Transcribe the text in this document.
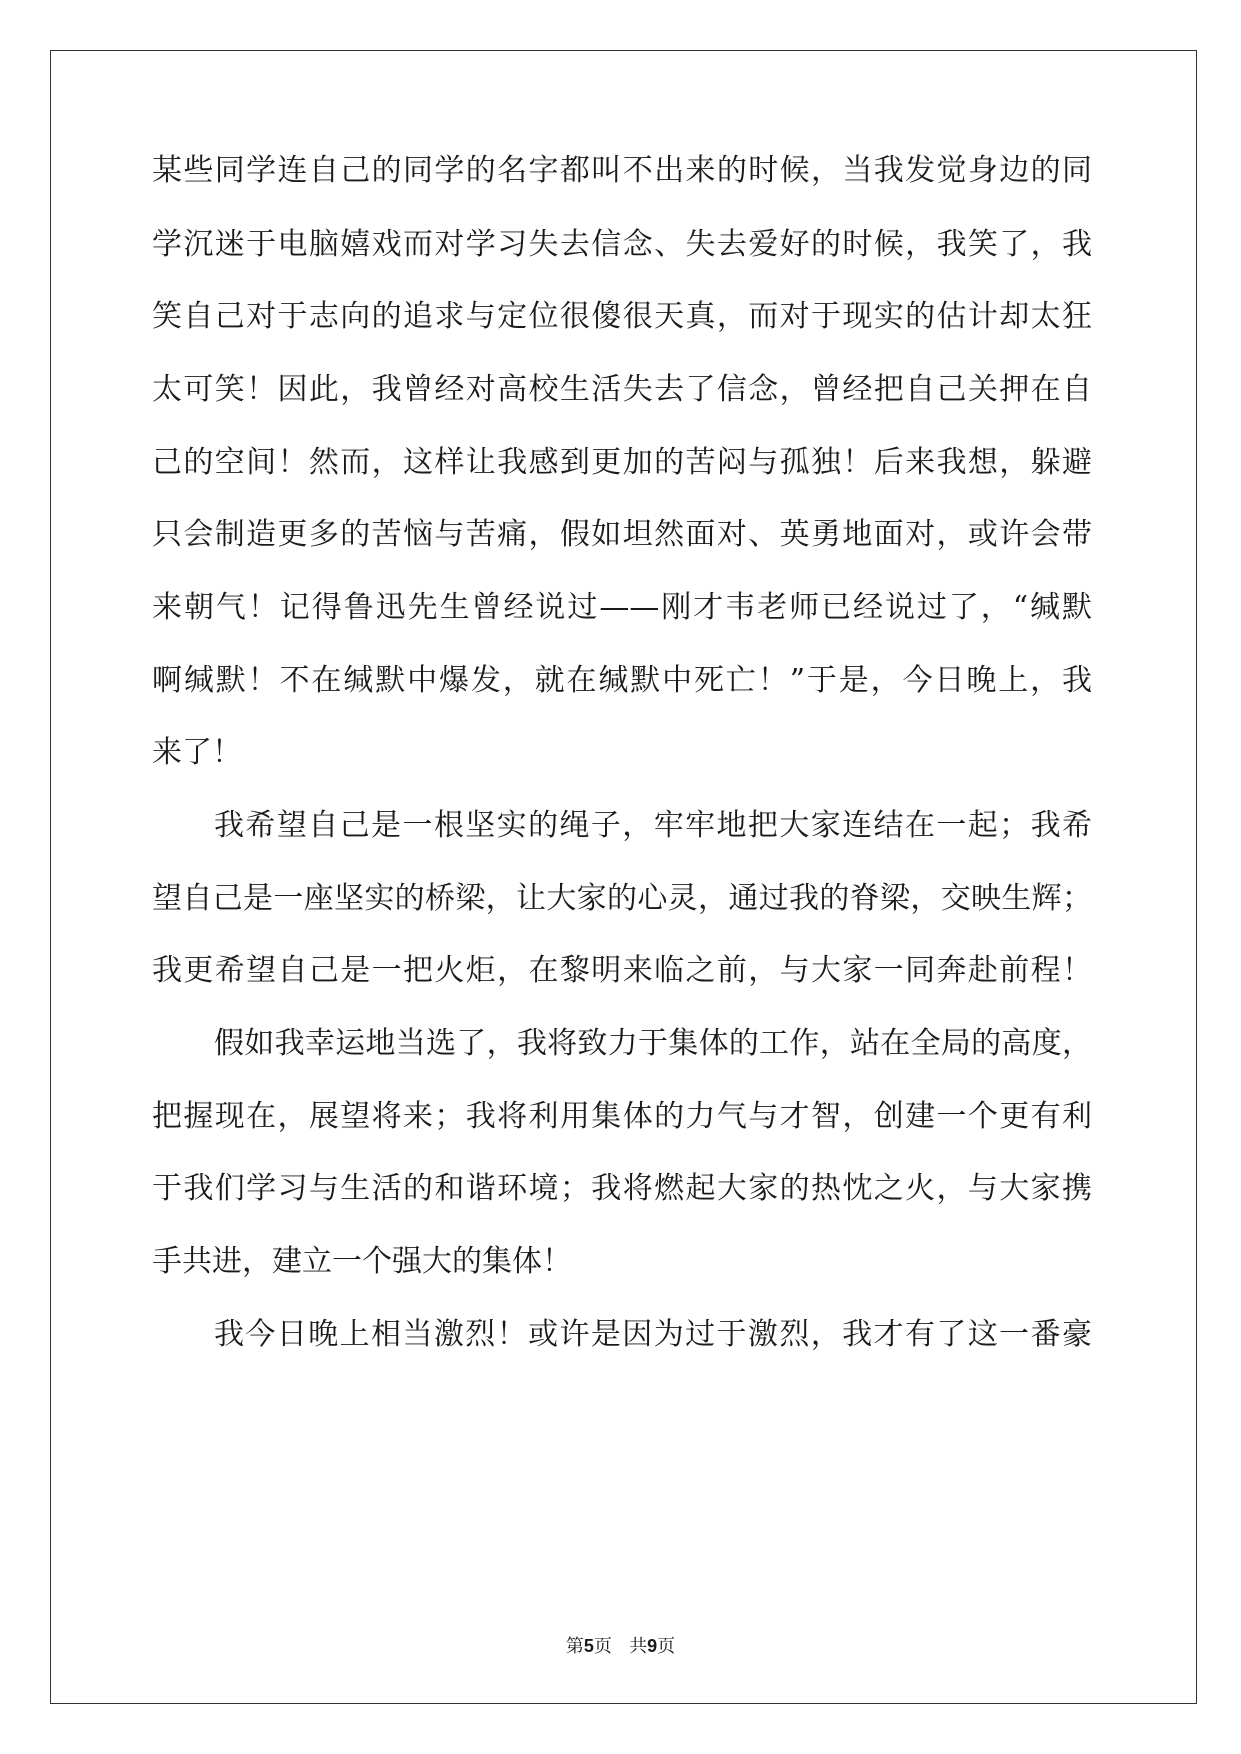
某些同学连自己的同学的名字都叫不出来的时候，当我发觉身边的同
学沉迷于电脑嬉戏而对学习失去信念、失去爱好的时候，我笑了，我
笑自己对于志向的追求与定位很傻很天真，而对于现实的估计却太狂
太可笑！因此，我曾经对高校生活失去了信念，曾经把自己关押在自
己的空间！然而，这样让我感到更加的苦闷与孤独！后来我想，躲避
只会制造更多的苦恼与苦痛，假如坦然面对、英勇地面对，或许会带
来朝气！记得鲁迅先生曾经说过——刚才韦老师已经说过了，“缄默
啊缄默！不在缄默中爆发，就在缄默中死亡！”于是，今日晚上，我
来了！
我希望自己是一根坚实的绳子，牢牢地把大家连结在一起；我希
望自己是一座坚实的桥梁，让大家的心灵，通过我的脊梁，交映生辉；
我更希望自己是一把火炬，在黎明来临之前，与大家一同奔赴前程！
假如我幸运地当选了，我将致力于集体的工作，站在全局的高度，
把握现在，展望将来；我将利用集体的力气与才智，创建一个更有利
于我们学习与生活的和谐环境；我将燃起大家的热忱之火，与大家携
手共进，建立一个强大的集体！
我今日晚上相当激烈！或许是因为过于激烈，我才有了这一番豪
第5页   共9页
